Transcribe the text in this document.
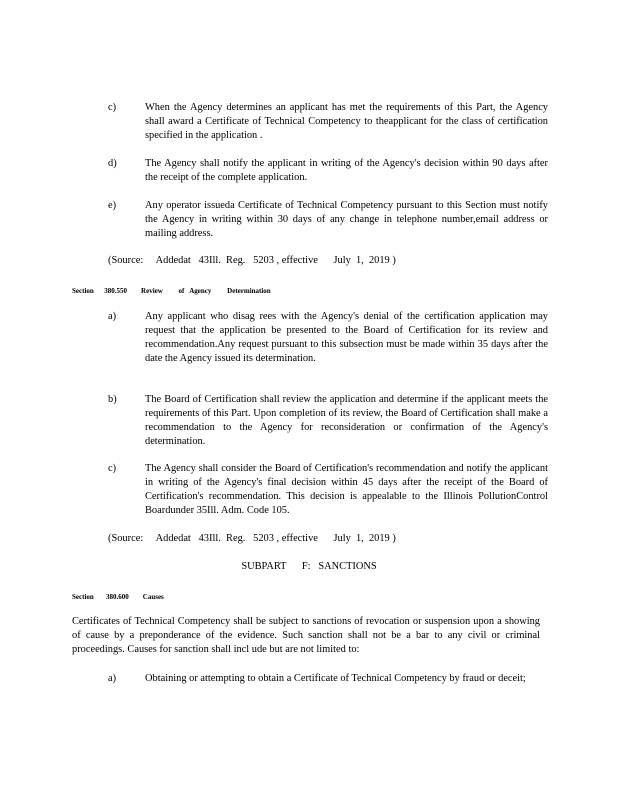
c)	When the Agency determines an applicant has met the requirements of this Part, the Agency shall award a Certificate of Technical Competency to theapplicant for the class of certification specified in the application .
d)	The Agency shall notify the applicant in writing of the Agency's decision within 90 days after the receipt of the complete application.
e)	Any operator issueda Certificate of Technical Competency pursuant to this Section must notify the Agency in writing within 30 days of any change in telephone number,email address or mailing address.
(Source:     Addedat   43Ill.  Reg.   5203 , effective      July  1,  2019 )
Section      380.550        Review         of   Agency         Determination
a)	Any applicant who disag rees with the Agency's denial of the certification application may request that the application be presented to the Board of Certification for its review and recommendation.Any request pursuant to this subsection must be made within 35 days after the date the Agency issued its determination.
b)	The Board of Certification shall review the application and determine if the applicant meets the requirements of this Part. Upon completion of its review, the Board of Certification shall make a recommendation to the Agency for reconsideration or confirmation of the Agency's determination.
c)	The Agency shall consider the Board of Certification's recommendation and notify the applicant in writing of the Agency's final decision within 45 days after the receipt of the Board of Certification's recommendation. This decision is appealable to the Illinois PollutionControl Boardunder 35Ill. Adm. Code 105.
(Source:     Addedat   43Ill.  Reg.   5203 , effective      July  1,  2019 )
SUBPART      F:   SANCTIONS
Section       380.600        Causes
Certificates of Technical Competency shall be subject to sanctions of revocation or suspension upon a showing of cause by a preponderance of the evidence. Such sanction shall not be a bar to any civil or criminal proceedings. Causes for sanction shall incl ude but are not limited to:
a)	Obtaining or attempting to obtain a Certificate of Technical Competency by fraud or deceit;
